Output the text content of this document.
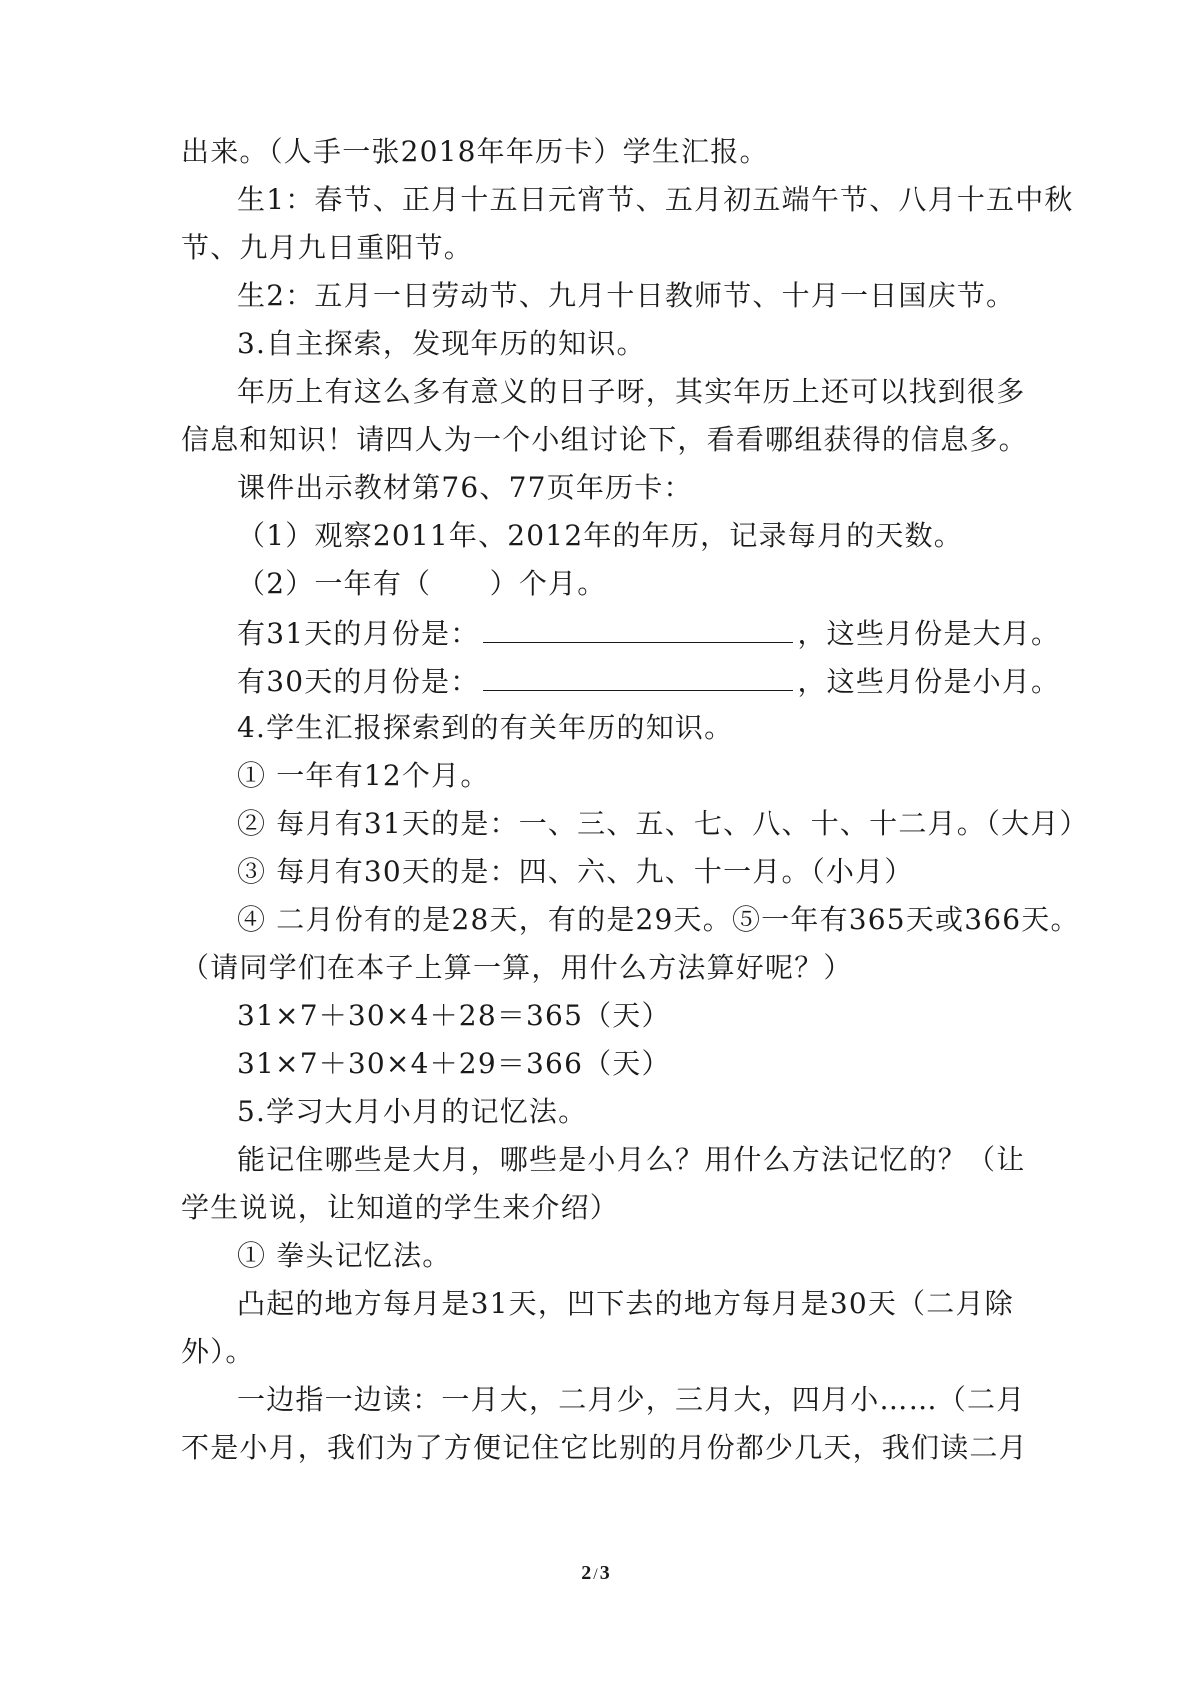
出来。（人手一张2018年年历卡）学生汇报。
生1：春节、正月十五日元宵节、五月初五端午节、八月十五中秋
节、九月九日重阳节。
生2：五月一日劳动节、九月十日教师节、十月一日国庆节。
3.自主探索，发现年历的知识。
年历上有这么多有意义的日子呀，其实年历上还可以找到很多
信息和知识！请四人为一个小组讨论下，看看哪组获得的信息多。
课件出示教材第76、77页年历卡：
（1）观察2011年、2012年的年历，记录每月的天数。
（2）一年有（　　）个月。
有31天的月份是：	，这些月份是大月。
有30天的月份是：	，这些月份是小月。
4.学生汇报探索到的有关年历的知识。
① 一年有12个月。
② 每月有31天的是：一、三、五、七、八、十、十二月。（大月）
③ 每月有30天的是：四、六、九、十一月。（小月）
④ 二月份有的是28天，有的是29天。⑤一年有365天或366天。
（请同学们在本子上算一算，用什么方法算好呢？）
31×7＋30×4＋28＝365（天）
31×7＋30×4＋29＝366（天）
5.学习大月小月的记忆法。
能记住哪些是大月，哪些是小月么？用什么方法记忆的？（让
学生说说，让知道的学生来介绍）
① 拳头记忆法。
凸起的地方每月是31天，凹下去的地方每月是30天（二月除
外）。
一边指一边读：一月大，二月少，三月大，四月小……（二月
不是小月，我们为了方便记住它比别的月份都少几天，我们读二月
2 / 3
